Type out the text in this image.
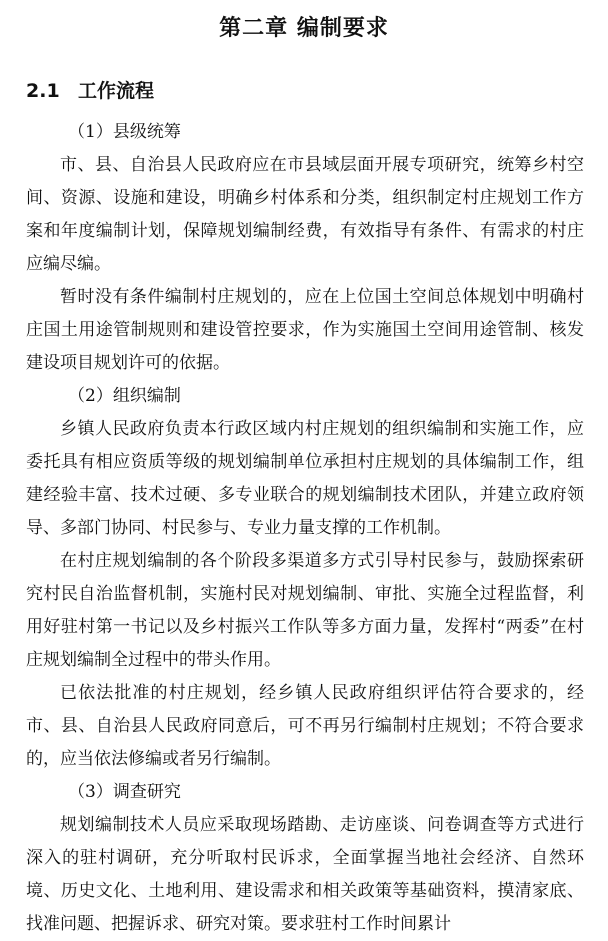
第二章 编制要求
2.1 工作流程

（1）县级统筹

市、县、自治县人民政府应在市县域层面开展专项研究，统筹乡村空间、资源、设施和建设，明确乡村体系和分类，组织制定村庄规划工作方案和年度编制计划，保障规划编制经费，有效指导有条件、有需求的村庄应编尽编。

暂时没有条件编制村庄规划的，应在上位国土空间总体规划中明确村庄国土用途管制规则和建设管控要求，作为实施国土空间用途管制、核发建设项目规划许可的依据。

（2）组织编制

乡镇人民政府负责本行政区域内村庄规划的组织编制和实施工作，应委托具有相应资质等级的规划编制单位承担村庄规划的具体编制工作，组建经验丰富、技术过硬、多专业联合的规划编制技术团队，并建立政府领导、多部门协同、村民参与、专业力量支撑的工作机制。

在村庄规划编制的各个阶段多渠道多方式引导村民参与，鼓励探索研究村民自治监督机制，实施村民对规划编制、审批、实施全过程监督，利用好驻村第一书记以及乡村振兴工作队等多方面力量，发挥村“两委”在村庄规划编制全过程中的带头作用。

已依法批准的村庄规划，经乡镇人民政府组织评估符合要求的，经市、县、自治县人民政府同意后，可不再另行编制村庄规划；不符合要求的，应当依法修编或者另行编制。

（3）调查研究

规划编制技术人员应采取现场踏勘、走访座谈、问卷调查等方式进行深入的驻村调研，充分听取村民诉求，全面掌握当地社会经济、自然环境、历史文化、土地利用、建设需求和相关政策等基础资料，摸清家底、找准问题、把握诉求、研究对策。要求驻村工作时间累计
